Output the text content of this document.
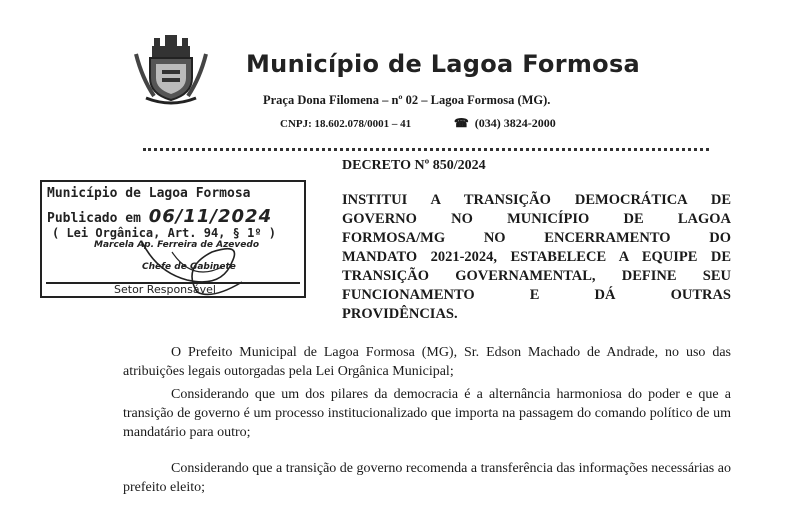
Município de Lagoa Formosa
Praça Dona Filomena – nº 02 – Lagoa Formosa (MG).
CNPJ: 18.602.078/0001 – 41	☎ (034) 3824-2000
DECRETO Nº 850/2024
Município de Lagoa Formosa
Publicado em 06/11/2024
( Lei Orgânica, Art. 94, § 1º )
Marcela Ap. Ferreira de Azevedo
Chefe de Gabinete
Setor Responsável
INSTITUI A TRANSIÇÃO DEMOCRÁTICA DE
GOVERNO NO MUNICÍPIO DE LAGOA
FORMOSA/MG NO ENCERRAMENTO DO
MANDATO 2021-2024, ESTABELECE A EQUIPE DE
TRANSIÇÃO GOVERNAMENTAL, DEFINE SEU
FUNCIONAMENTO E DÁ OUTRAS
PROVIDÊNCIAS.
O Prefeito Municipal de Lagoa Formosa (MG), Sr. Edson Machado de Andrade, no uso das atribuições legais outorgadas pela Lei Orgânica Municipal;
Considerando que um dos pilares da democracia é a alternância harmoniosa do poder e que a transição de governo é um processo institucionalizado que importa na passagem do comando político de um mandatário para outro;
Considerando que a transição de governo recomenda a transferência das informações necessárias ao prefeito eleito;
